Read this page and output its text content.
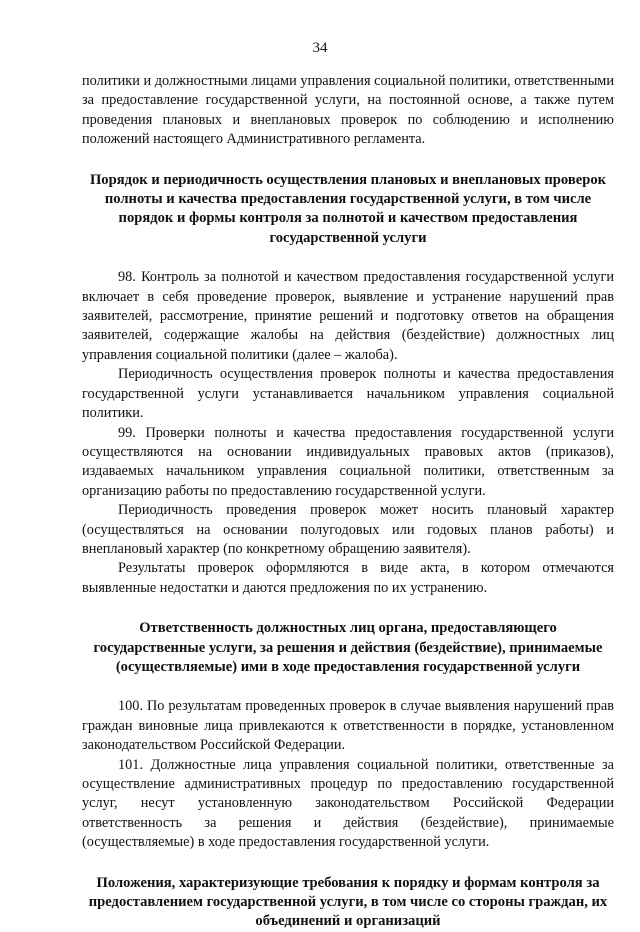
34

политики и должностными лицами управления социальной политики, ответственными за предоставление государственной услуги, на постоянной основе, а также путем проведения плановых и внеплановых проверок по соблюдению и исполнению положений настоящего Административного регламента.

Порядок и периодичность осуществления плановых и внеплановых проверок полноты и качества предоставления государственной услуги, в том числе порядок и формы контроля за полнотой и качеством предоставления государственной услуги

98. Контроль за полнотой и качеством предоставления государственной услуги включает в себя проведение проверок, выявление и устранение нарушений прав заявителей, рассмотрение, принятие решений и подготовку ответов на обращения заявителей, содержащие жалобы на действия (бездействие) должностных лиц управления социальной политики (далее – жалоба).

Периодичность осуществления проверок полноты и качества предоставления государственной услуги устанавливается начальником управления социальной политики.

99. Проверки полноты и качества предоставления государственной услуги осуществляются на основании индивидуальных правовых актов (приказов), издаваемых начальником управления социальной политики, ответственным за организацию работы по предоставлению государственной услуги.

Периодичность проведения проверок может носить плановый характер (осуществляться на основании полугодовых или годовых планов работы) и внеплановый характер (по конкретному обращению заявителя).

Результаты проверок оформляются в виде акта, в котором отмечаются выявленные недостатки и даются предложения по их устранению.

Ответственность должностных лиц органа, предоставляющего государственные услуги, за решения и действия (бездействие), принимаемые (осуществляемые) ими в ходе предоставления государственной услуги

100. По результатам проведенных проверок в случае выявления нарушений прав граждан виновные лица привлекаются к ответственности в порядке, установленном законодательством Российской Федерации.

101. Должностные лица управления социальной политики, ответственные за осуществление административных процедур по предоставлению государственной услуг, несут установленную законодательством Российской Федерации ответственность за решения и действия (бездействие), принимаемые (осуществляемые) в ходе предоставления государственной услуги.

Положения, характеризующие требования к порядку и формам контроля за предоставлением государственной услуги, в том числе со стороны граждан, их объединений и организаций
